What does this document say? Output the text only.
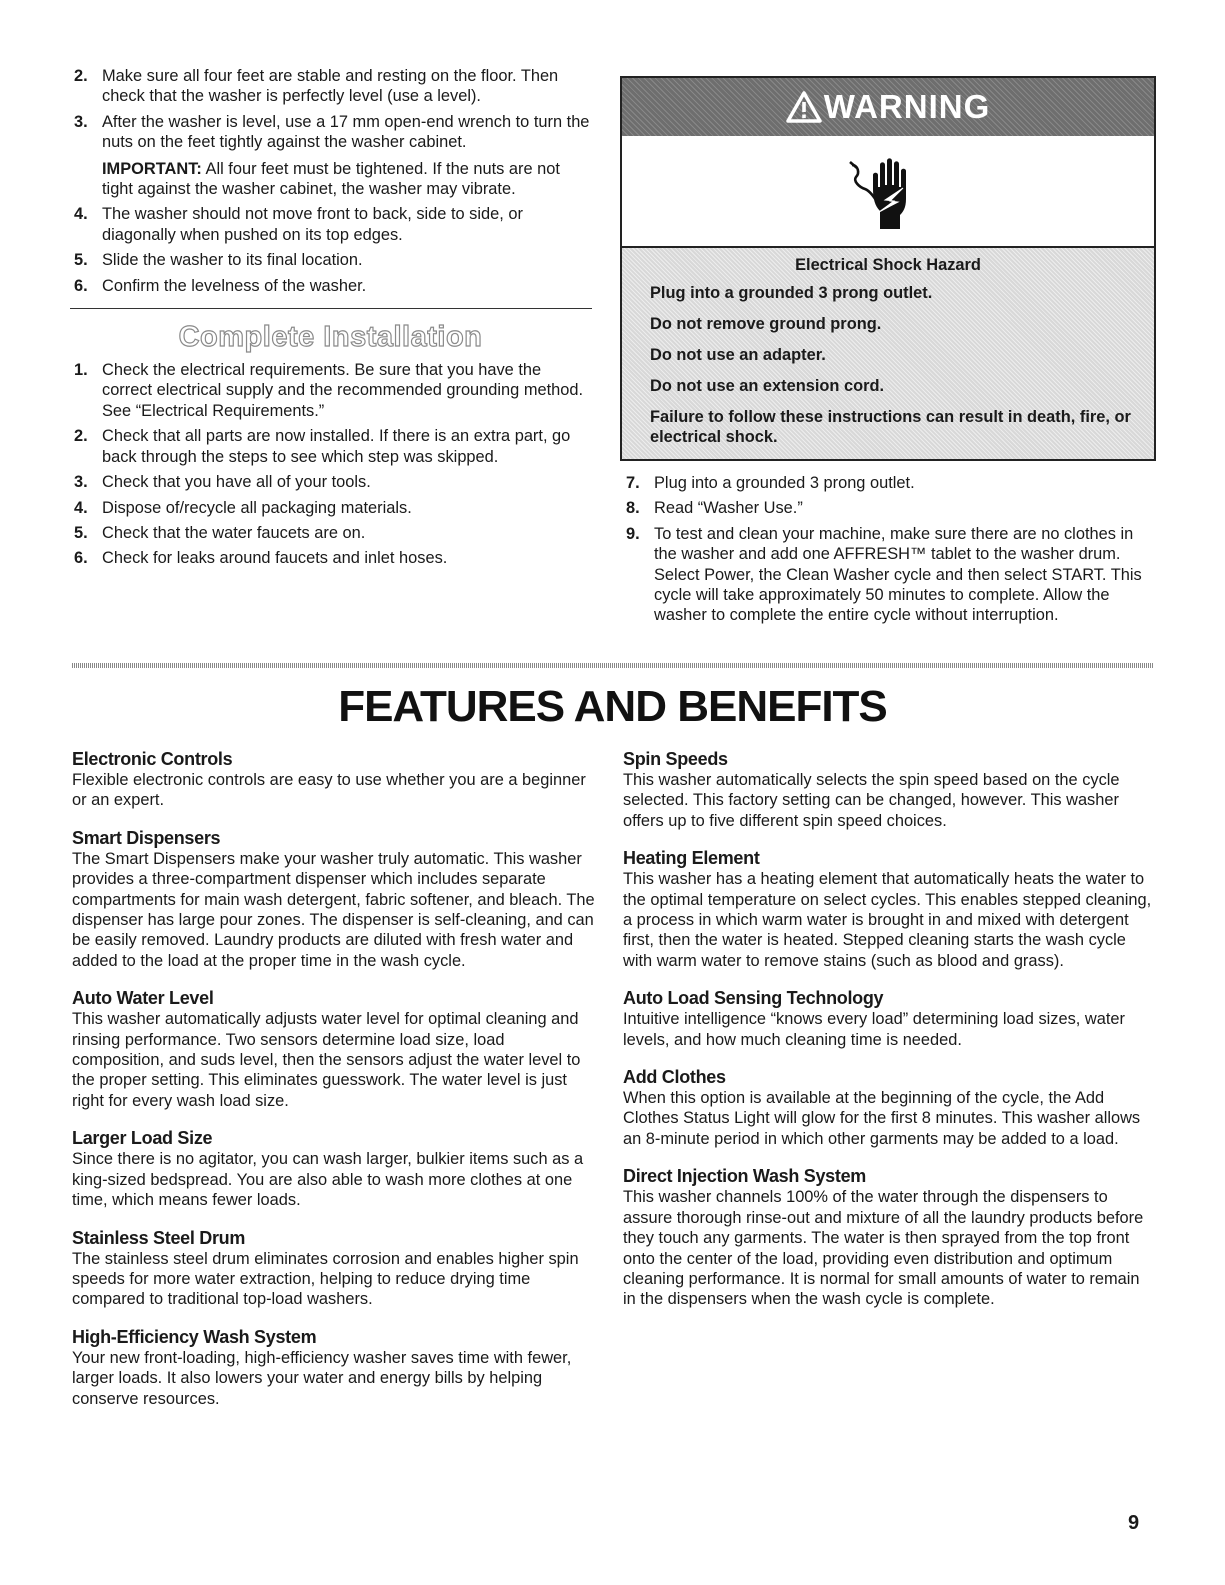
2. Make sure all four feet are stable and resting on the floor. Then check that the washer is perfectly level (use a level).
3. After the washer is level, use a 17 mm open-end wrench to turn the nuts on the feet tightly against the washer cabinet.
IMPORTANT: All four feet must be tightened. If the nuts are not tight against the washer cabinet, the washer may vibrate.
4. The washer should not move front to back, side to side, or diagonally when pushed on its top edges.
5. Slide the washer to its final location.
6. Confirm the levelness of the washer.
Complete Installation
1. Check the electrical requirements. Be sure that you have the correct electrical supply and the recommended grounding method. See “Electrical Requirements.”
2. Check that all parts are now installed. If there is an extra part, go back through the steps to see which step was skipped.
3. Check that you have all of your tools.
4. Dispose of/recycle all packaging materials.
5. Check that the water faucets are on.
6. Check for leaks around faucets and inlet hoses.
WARNING
Electrical Shock Hazard

Plug into a grounded 3 prong outlet.

Do not remove ground prong.

Do not use an adapter.

Do not use an extension cord.

Failure to follow these instructions can result in death, fire, or electrical shock.

7. Plug into a grounded 3 prong outlet.
8. Read “Washer Use.”
9. To test and clean your machine, make sure there are no clothes in the washer and add one AFFRESH™ tablet to the washer drum. Select Power, the Clean Washer cycle and then select START. This cycle will take approximately 50 minutes to complete. Allow the washer to complete the entire cycle without interruption.
FEATURES AND BENEFITS
Electronic Controls

Flexible electronic controls are easy to use whether you are a beginner or an expert.

Smart Dispensers

The Smart Dispensers make your washer truly automatic. This washer provides a three-compartment dispenser which includes separate compartments for main wash detergent, fabric softener, and bleach. The dispenser has large pour zones. The dispenser is self-cleaning, and can be easily removed. Laundry products are diluted with fresh water and added to the load at the proper time in the wash cycle.

Auto Water Level

This washer automatically adjusts water level for optimal cleaning and rinsing performance. Two sensors determine load size, load composition, and suds level, then the sensors adjust the water level to the proper setting. This eliminates guesswork. The water level is just right for every wash load size.

Larger Load Size

Since there is no agitator, you can wash larger, bulkier items such as a king-sized bedspread. You are also able to wash more clothes at one time, which means fewer loads.

Stainless Steel Drum

The stainless steel drum eliminates corrosion and enables higher spin speeds for more water extraction, helping to reduce drying time compared to traditional top-load washers.

High-Efficiency Wash System

Your new front-loading, high-efficiency washer saves time with fewer, larger loads. It also lowers your water and energy bills by helping conserve resources.

Spin Speeds

This washer automatically selects the spin speed based on the cycle selected. This factory setting can be changed, however. This washer offers up to five different spin speed choices.

Heating Element

This washer has a heating element that automatically heats the water to the optimal temperature on select cycles. This enables stepped cleaning, a process in which warm water is brought in and mixed with detergent first, then the water is heated. Stepped cleaning starts the wash cycle with warm water to remove stains (such as blood and grass).

Auto Load Sensing Technology

Intuitive intelligence “knows every load” determining load sizes, water levels, and how much cleaning time is needed.

Add Clothes

When this option is available at the beginning of the cycle, the Add Clothes Status Light will glow for the first 8 minutes. This washer allows an 8-minute period in which other garments may be added to a load.

Direct Injection Wash System

This washer channels 100% of the water through the dispensers to assure thorough rinse-out and mixture of all the laundry products before they touch any garments. The water is then sprayed from the top front onto the center of the load, providing even distribution and optimum cleaning performance. It is normal for small amounts of water to remain in the dispensers when the wash cycle is complete.

9
